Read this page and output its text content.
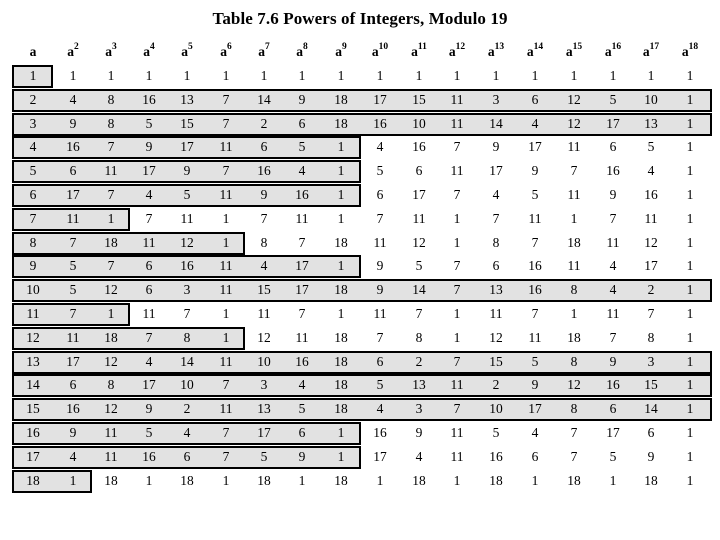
Table 7.6 Powers of Integers, Modulo 19
a	$a^2$	$a^3$	$a^4$	$a^5$	$a^6$	$a^7$	$a^8$	$a^9$	$a^{10}$	$a^{11}$	$a^{12}$	$a^{13}$	$a^{14}$	$a^{15}$	$a^{16}$	$a^{17}$	$a^{18}$
1	1	1	1	1	1	1	1	1	1	1	1	1	1	1	1	1	1
2	4	8	16	13	7	14	9	18	17	15	11	3	6	12	5	10	1
3	9	8	5	15	7	2	6	18	16	10	11	14	4	12	17	13	1
4	16	7	9	17	11	6	5	1	4	16	7	9	17	11	6	5	1
5	6	11	17	9	7	16	4	1	5	6	11	17	9	7	16	4	1
6	17	7	4	5	11	9	16	1	6	17	7	4	5	11	9	16	1
7	11	1	7	11	1	7	11	1	7	11	1	7	11	1	7	11	1
8	7	18	11	12	1	8	7	18	11	12	1	8	7	18	11	12	1
9	5	7	6	16	11	4	17	1	9	5	7	6	16	11	4	17	1
10	5	12	6	3	11	15	17	18	9	14	7	13	16	8	4	2	1
11	7	1	11	7	1	11	7	1	11	7	1	11	7	1	11	7	1
12	11	18	7	8	1	12	11	18	7	8	1	12	11	18	7	8	1
13	17	12	4	14	11	10	16	18	6	2	7	15	5	8	9	3	1
14	6	8	17	10	7	3	4	18	5	13	11	2	9	12	16	15	1
15	16	12	9	2	11	13	5	18	4	3	7	10	17	8	6	14	1
16	9	11	5	4	7	17	6	1	16	9	11	5	4	7	17	6	1
17	4	11	16	6	7	5	9	1	17	4	11	16	6	7	5	9	1
18	1	18	1	18	1	18	1	18	1	18	1	18	1	18	1	18	1
